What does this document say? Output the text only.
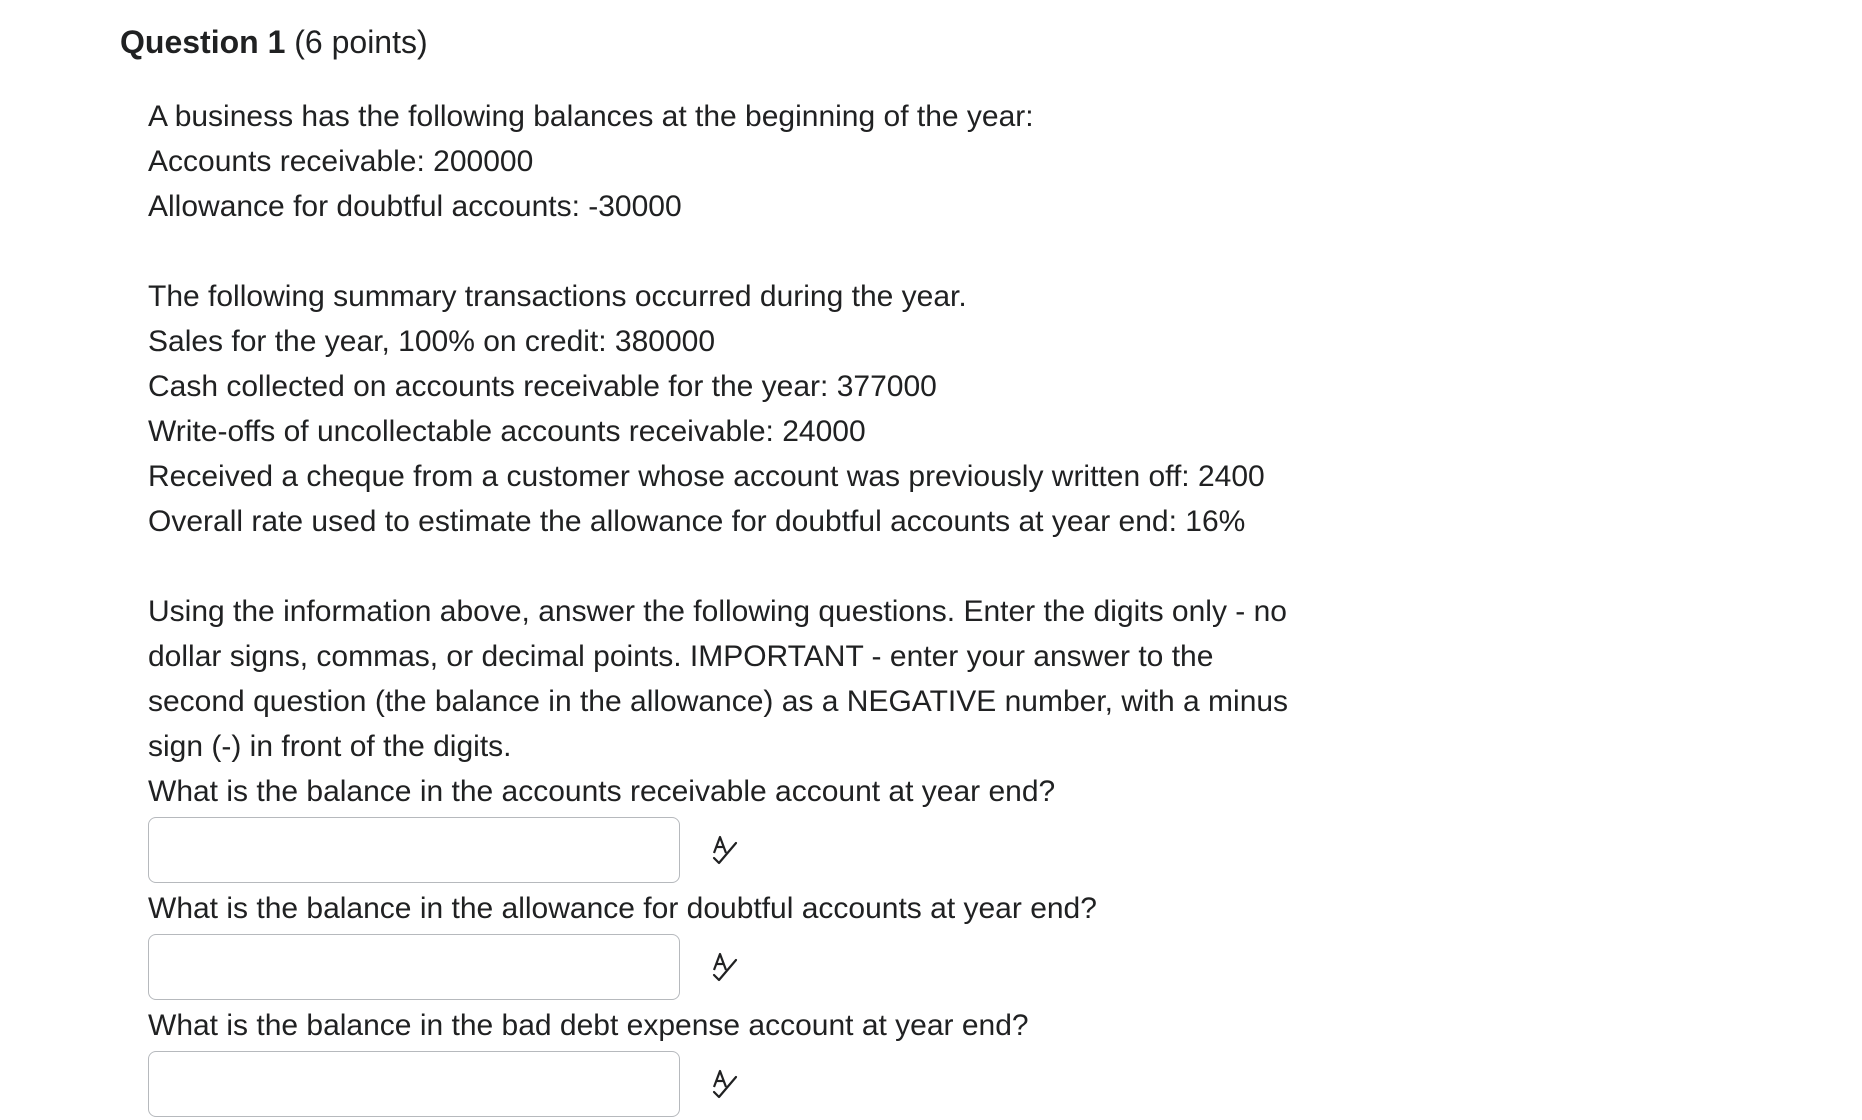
Question 1 (6 points)
A business has the following balances at the beginning of the year:
Accounts receivable: 200000
Allowance for doubtful accounts: -30000
The following summary transactions occurred during the year.
Sales for the year, 100% on credit: 380000
Cash collected on accounts receivable for the year: 377000
Write-offs of uncollectable accounts receivable: 24000
Received a cheque from a customer whose account was previously written off: 2400
Overall rate used to estimate the allowance for doubtful accounts at year end: 16%
Using the information above, answer the following questions. Enter the digits only - no dollar signs, commas, or decimal points. IMPORTANT - enter your answer to the second question (the balance in the allowance) as a NEGATIVE number, with a minus sign (-) in front of the digits.
What is the balance in the accounts receivable account at year end?
What is the balance in the allowance for doubtful accounts at year end?
What is the balance in the bad debt expense account at year end?
